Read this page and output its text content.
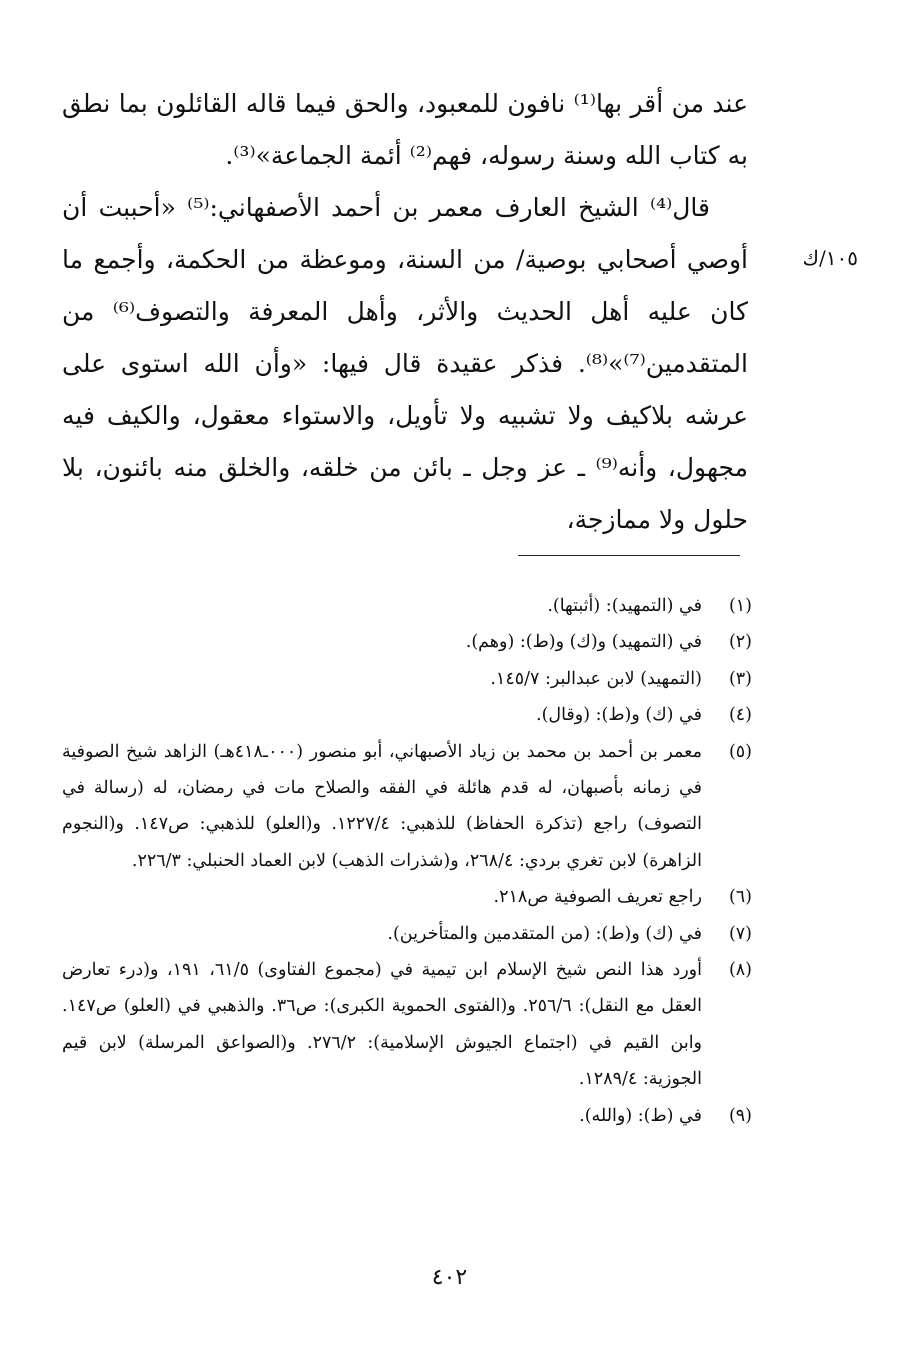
عند من أقر بها⁽¹⁾ نافون للمعبود، والحق فيما قاله القائلون بما نطق به كتاب الله وسنة رسوله، فهم⁽²⁾ أئمة الجماعة»⁽³⁾.

قال⁽⁴⁾ الشيخ العارف معمر بن أحمد الأصفهاني:⁽⁵⁾ «أحببت أن أوصي أصحابي بوصية/ من السنة، وموعظة من الحكمة، وأجمع ما كان عليه أهل الحديث والأثر، وأهل المعرفة والتصوف⁽⁶⁾ من المتقدمين⁽⁷⁾»⁽⁸⁾. فذكر عقيدة قال فيها: «وأن الله استوى على عرشه بلاكيف ولا تشبيه ولا تأويل، والاستواء معقول، والكيف فيه مجهول، وأنه⁽⁹⁾ ـ عز وجل ـ بائن من خلقه، والخلق منه بائنون، بلا حلول ولا ممازجة،

١٠٥/ك
(١)
في (التمهيد): (أثبتها).
(٢)
في (التمهيد) و(ك) و(ط): (وهم).
(٣)
(التمهيد) لابن عبدالبر: ١٤٥/٧.
(٤)
في (ك) و(ط): (وقال).
(٥)
معمر بن أحمد بن محمد بن زياد الأصبهاني، أبو منصور (٠٠٠ـ٤١٨هـ) الزاهد شيخ الصوفية في زمانه بأصبهان، له قدم هائلة في الفقه والصلاح مات في رمضان، له (رسالة في التصوف) راجع (تذكرة الحفاظ) للذهبي: ١٢٢٧/٤. و(العلو) للذهبي: ص١٤٧. و(النجوم الزاهرة) لابن تغري بردي: ٢٦٨/٤، و(شذرات الذهب) لابن العماد الحنبلي: ٢٢٦/٣.
(٦)
راجع تعريف الصوفية ص٢١٨.
(٧)
في (ك) و(ط): (من المتقدمين والمتأخرين).
(٨)
أورد هذا النص شيخ الإسلام ابن تيمية في (مجموع الفتاوى) ٦١/٥، ١٩١، و(درء تعارض العقل مع النقل): ٢٥٦/٦. و(الفتوى الحموية الكبرى): ص٣٦. والذهبي في (العلو) ص١٤٧. وابن القيم في (اجتماع الجيوش الإسلامية): ٢٧٦/٢. و(الصواعق المرسلة) لابن قيم الجوزية: ١٢٨٩/٤.
(٩)
في (ط): (والله).
٤٠٢
